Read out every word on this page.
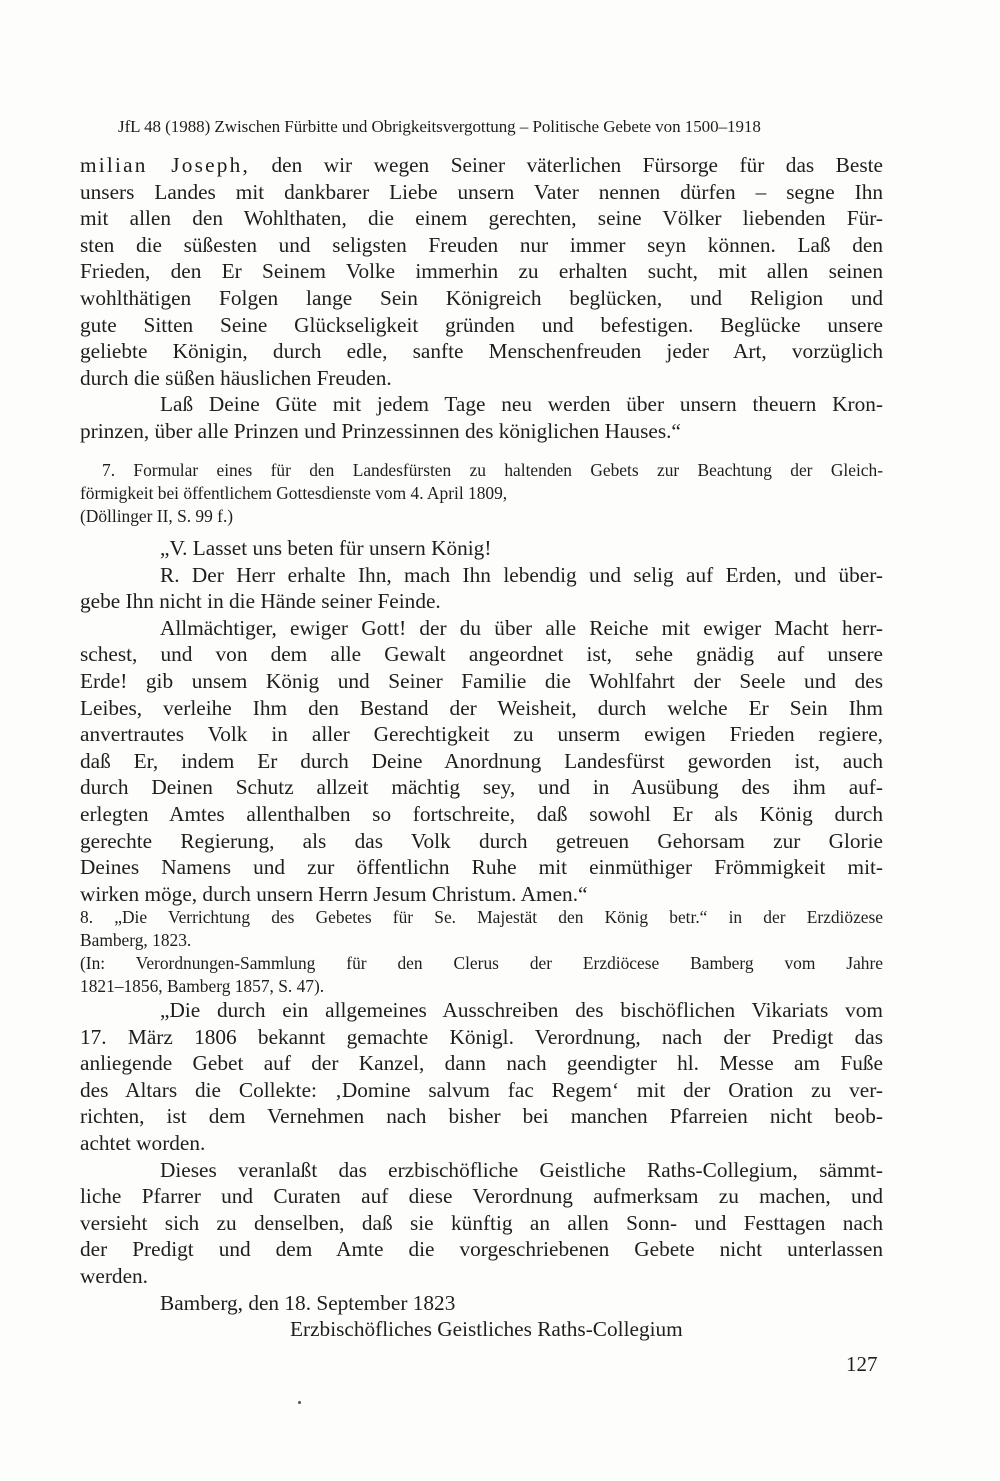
JfL 48 (1988) Zwischen Fürbitte und Obrigkeitsvergottung – Politische Gebete von 1500–1918
milian Joseph, den wir wegen Seiner väterlichen Fürsorge für das Beste
unsers Landes mit dankbarer Liebe unsern Vater nennen dürfen – segne Ihn
mit allen den Wohlthaten, die einem gerechten, seine Völker liebenden Für-
sten die süßesten und seligsten Freuden nur immer seyn können. Laß den
Frieden, den Er Seinem Volke immerhin zu erhalten sucht, mit allen seinen
wohlthätigen Folgen lange Sein Königreich beglücken, und Religion und
gute Sitten Seine Glückseligkeit gründen und befestigen. Beglücke unsere
geliebte Königin, durch edle, sanfte Menschenfreuden jeder Art, vorzüglich
durch die süßen häuslichen Freuden.
Laß Deine Güte mit jedem Tage neu werden über unsern theuern Kron-
prinzen, über alle Prinzen und Prinzessinnen des königlichen Hauses.“
7. Formular eines für den Landesfürsten zu haltenden Gebets zur Beachtung der Gleich-
förmigkeit bei öffentlichem Gottesdienste vom 4. April 1809,
(Döllinger II, S. 99 f.)
„V. Lasset uns beten für unsern König!
R. Der Herr erhalte Ihn, mach Ihn lebendig und selig auf Erden, und über-
gebe Ihn nicht in die Hände seiner Feinde.
Allmächtiger, ewiger Gott! der du über alle Reiche mit ewiger Macht herr-
schest, und von dem alle Gewalt angeordnet ist, sehe gnädig auf unsere
Erde! gib unsem König und Seiner Familie die Wohlfahrt der Seele und des
Leibes, verleihe Ihm den Bestand der Weisheit, durch welche Er Sein Ihm
anvertrautes Volk in aller Gerechtigkeit zu unserm ewigen Frieden regiere,
daß Er, indem Er durch Deine Anordnung Landesfürst geworden ist, auch
durch Deinen Schutz allzeit mächtig sey, und in Ausübung des ihm auf-
erlegten Amtes allenthalben so fortschreite, daß sowohl Er als König durch
gerechte Regierung, als das Volk durch getreuen Gehorsam zur Glorie
Deines Namens und zur öffentlichn Ruhe mit einmüthiger Frömmigkeit mit-
wirken möge, durch unsern Herrn Jesum Christum. Amen.“
8. „Die Verrichtung des Gebetes für Se. Majestät den König betr.“ in der Erzdiözese
Bamberg, 1823.
(In: Verordnungen-Sammlung für den Clerus der Erzdiöcese Bamberg vom Jahre
1821–1856, Bamberg 1857, S. 47).
„Die durch ein allgemeines Ausschreiben des bischöflichen Vikariats vom
17. März 1806 bekannt gemachte Königl. Verordnung, nach der Predigt das
anliegende Gebet auf der Kanzel, dann nach geendigter hl. Messe am Fuße
des Altars die Collekte: ‚Domine salvum fac Regem‘ mit der Oration zu ver-
richten, ist dem Vernehmen nach bisher bei manchen Pfarreien nicht beob-
achtet worden.
Dieses veranlaßt das erzbischöfliche Geistliche Raths-Collegium, sämmt-
liche Pfarrer und Curaten auf diese Verordnung aufmerksam zu machen, und
versieht sich zu denselben, daß sie künftig an allen Sonn- und Festtagen nach
der Predigt und dem Amte die vorgeschriebenen Gebete nicht unterlassen
werden.
Bamberg, den 18. September 1823
Erzbischöfliches Geistliches Raths-Collegium
127
